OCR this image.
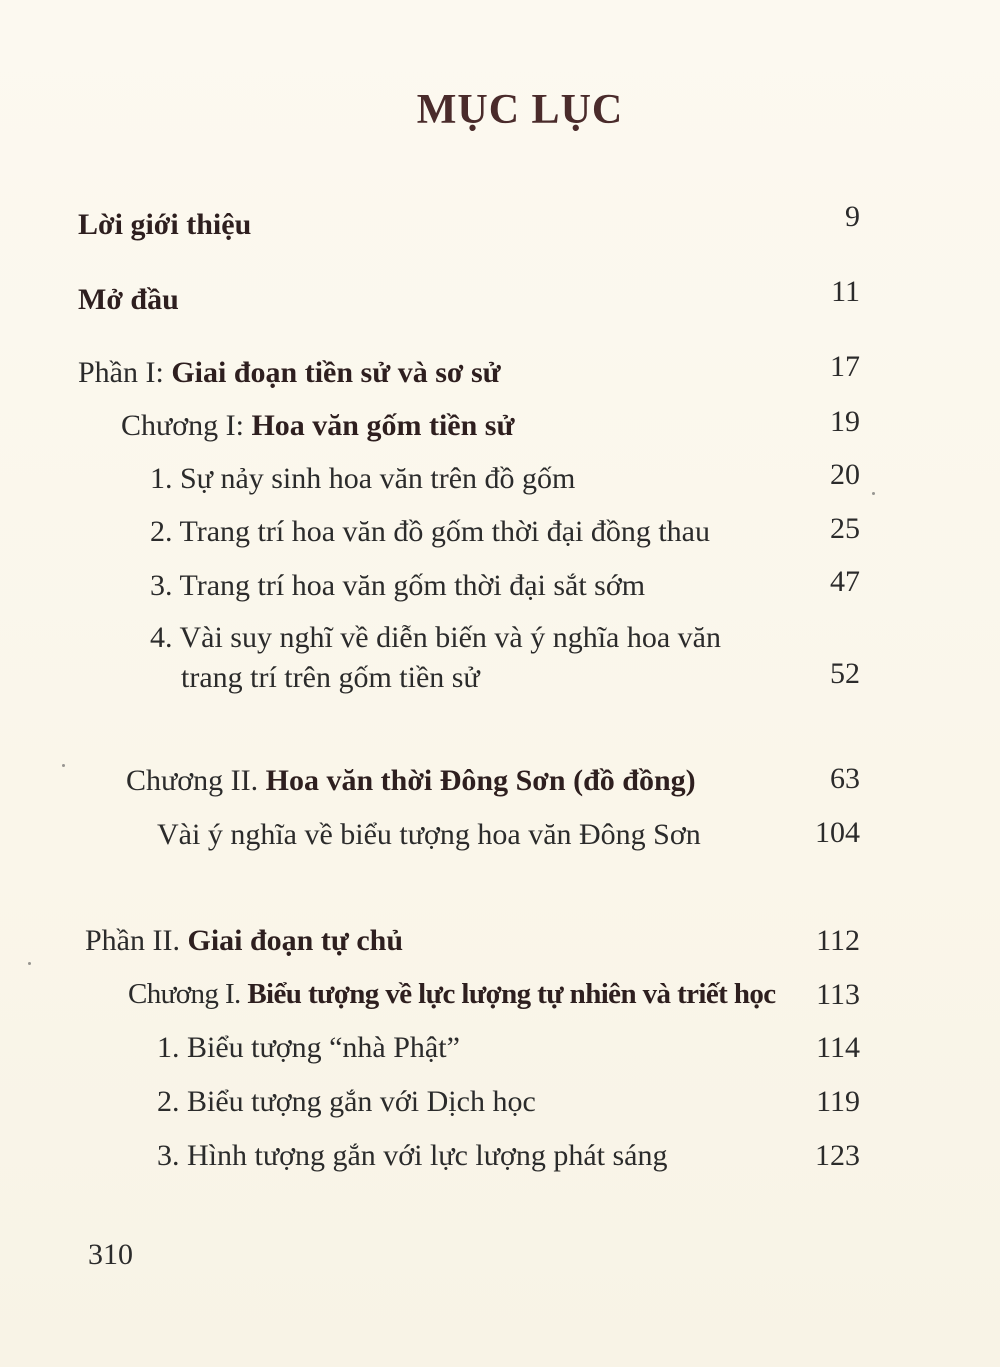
MỤC LỤC
Lời giới thiệu	9
Mở đầu	11
Phần I: Giai đoạn tiền sử và sơ sử	17
Chương I: Hoa văn gốm tiền sử	19
1. Sự nảy sinh hoa văn trên đồ gốm	20
2. Trang trí hoa văn đồ gốm thời đại đồng thau	25
3. Trang trí hoa văn gốm thời đại sắt sớm	47
4. Vài suy nghĩ về diễn biến và ý nghĩa hoa văn
trang trí trên gốm tiền sử	52
Chương II. Hoa văn thời Đông Sơn (đồ đồng)	63
Vài ý nghĩa về biểu tượng hoa văn Đông Sơn	104
Phần II. Giai đoạn tự chủ	112
Chương I. Biểu tượng về lực lượng tự nhiên và triết học 113
1. Biểu tượng “nhà Phật”	114
2. Biểu tượng gắn với Dịch học	119
3. Hình tượng gắn với lực lượng phát sáng	123
310
